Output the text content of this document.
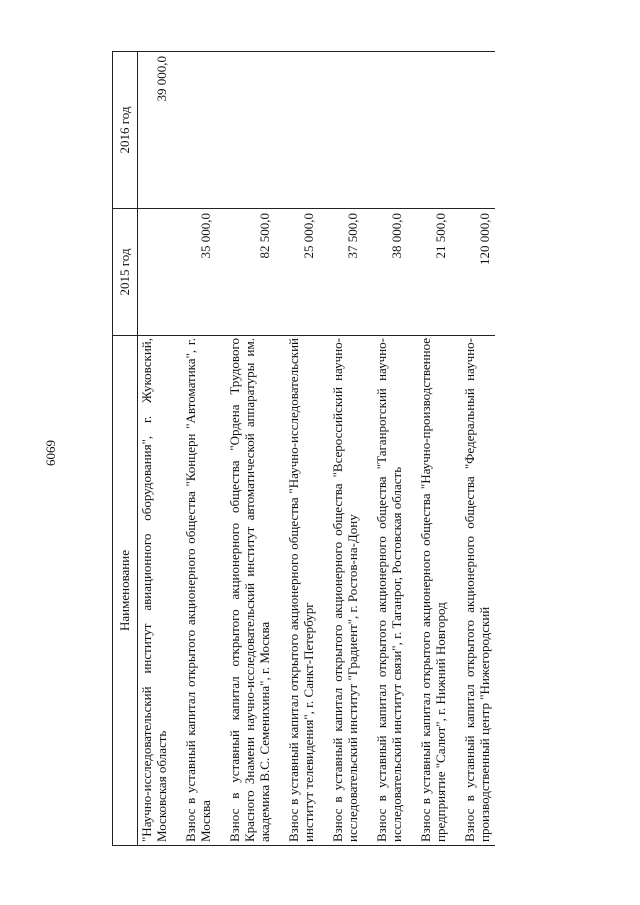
6069
Наименование	2015 год	2016 год
"Научно-исследовательский институт авиационного оборудования", г. Жуковский, Московская область		39 000,0

Взнос в уставный капитал открытого акционерного общества "Концерн "Автоматика", г. Москва	35 000,0	

Взнос в уставный капитал открытого акционерного общества "Ордена Трудового Красного Знамени научно-исследовательский институт автоматической аппаратуры им. академика В.С. Семенихина", г. Москва	82 500,0	

Взнос в уставный капитал открытого акционерного общества "Научно-исследовательский институт телевидения", г. Санкт-Петербург	25 000,0	

Взнос в уставный капитал открытого акционерного общества "Всероссийский научно-исследовательский институт "Градиент", г. Ростов-на-Дону	37 500,0	

Взнос в уставный капитал открытого акционерного общества "Таганрогский научно-исследовательский институт связи", г. Таганрог, Ростовская область	38 000,0	

Взнос в уставный капитал открытого акционерного общества "Научно-производственное предприятие "Салют", г. Нижний Новгород	21 500,0	

Взнос в уставный капитал открытого акционерного общества "Федеральный научно-производственный центр "Нижегородский	120 000,0	
